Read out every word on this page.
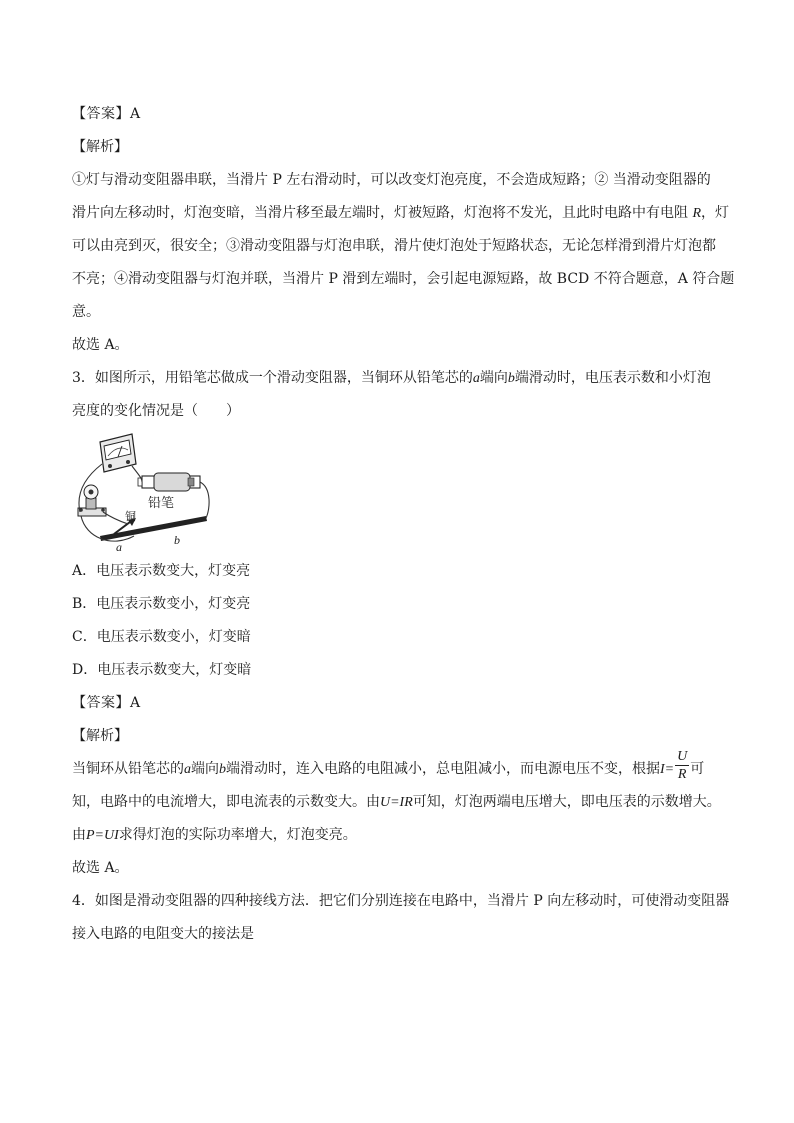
【答案】A
【解析】
①灯与滑动变阻器串联，当滑片 P 左右滑动时，可以改变灯泡亮度，不会造成短路；② 当滑动变阻器的
滑片向左移动时，灯泡变暗，当滑片移至最左端时，灯被短路，灯泡将不发光，且此时电路中有电阻 R，灯
可以由亮到灭，很安全；③滑动变阻器与灯泡串联，滑片使灯泡处于短路状态，无论怎样滑到滑片灯泡都
不亮；④滑动变阻器与灯泡并联，当滑片 P 滑到左端时，会引起电源短路，故 BCD 不符合题意，A 符合题
意。
故选 A。
3．如图所示，用铅笔芯做成一个滑动变阻器，当铜环从铅笔芯的a端向b端滑动时，电压表示数和小灯泡
亮度的变化情况是（　　）
铅笔
铜
a	b
A．电压表示数变大，灯变亮
B．电压表示数变小，灯变亮
C．电压表示数变小，灯变暗
D．电压表示数变大，灯变暗
【答案】A
【解析】
当铜环从铅笔芯的a端向b端滑动时，连入电路的电阻减小，总电阻减小，而电源电压不变，根据$I= \frac{U}{R}$ 可
知，电路中的电流增大，即电流表的示数变大。由U=IR可知，灯泡两端电压增大，即电压表的示数增大。
由P=UI求得灯泡的实际功率增大，灯泡变亮。
故选 A。
4．如图是滑动变阻器的四种接线方法．把它们分别连接在电路中，当滑片 P 向左移动时，可使滑动变阻器
接入电路的电阻变大的接法是
